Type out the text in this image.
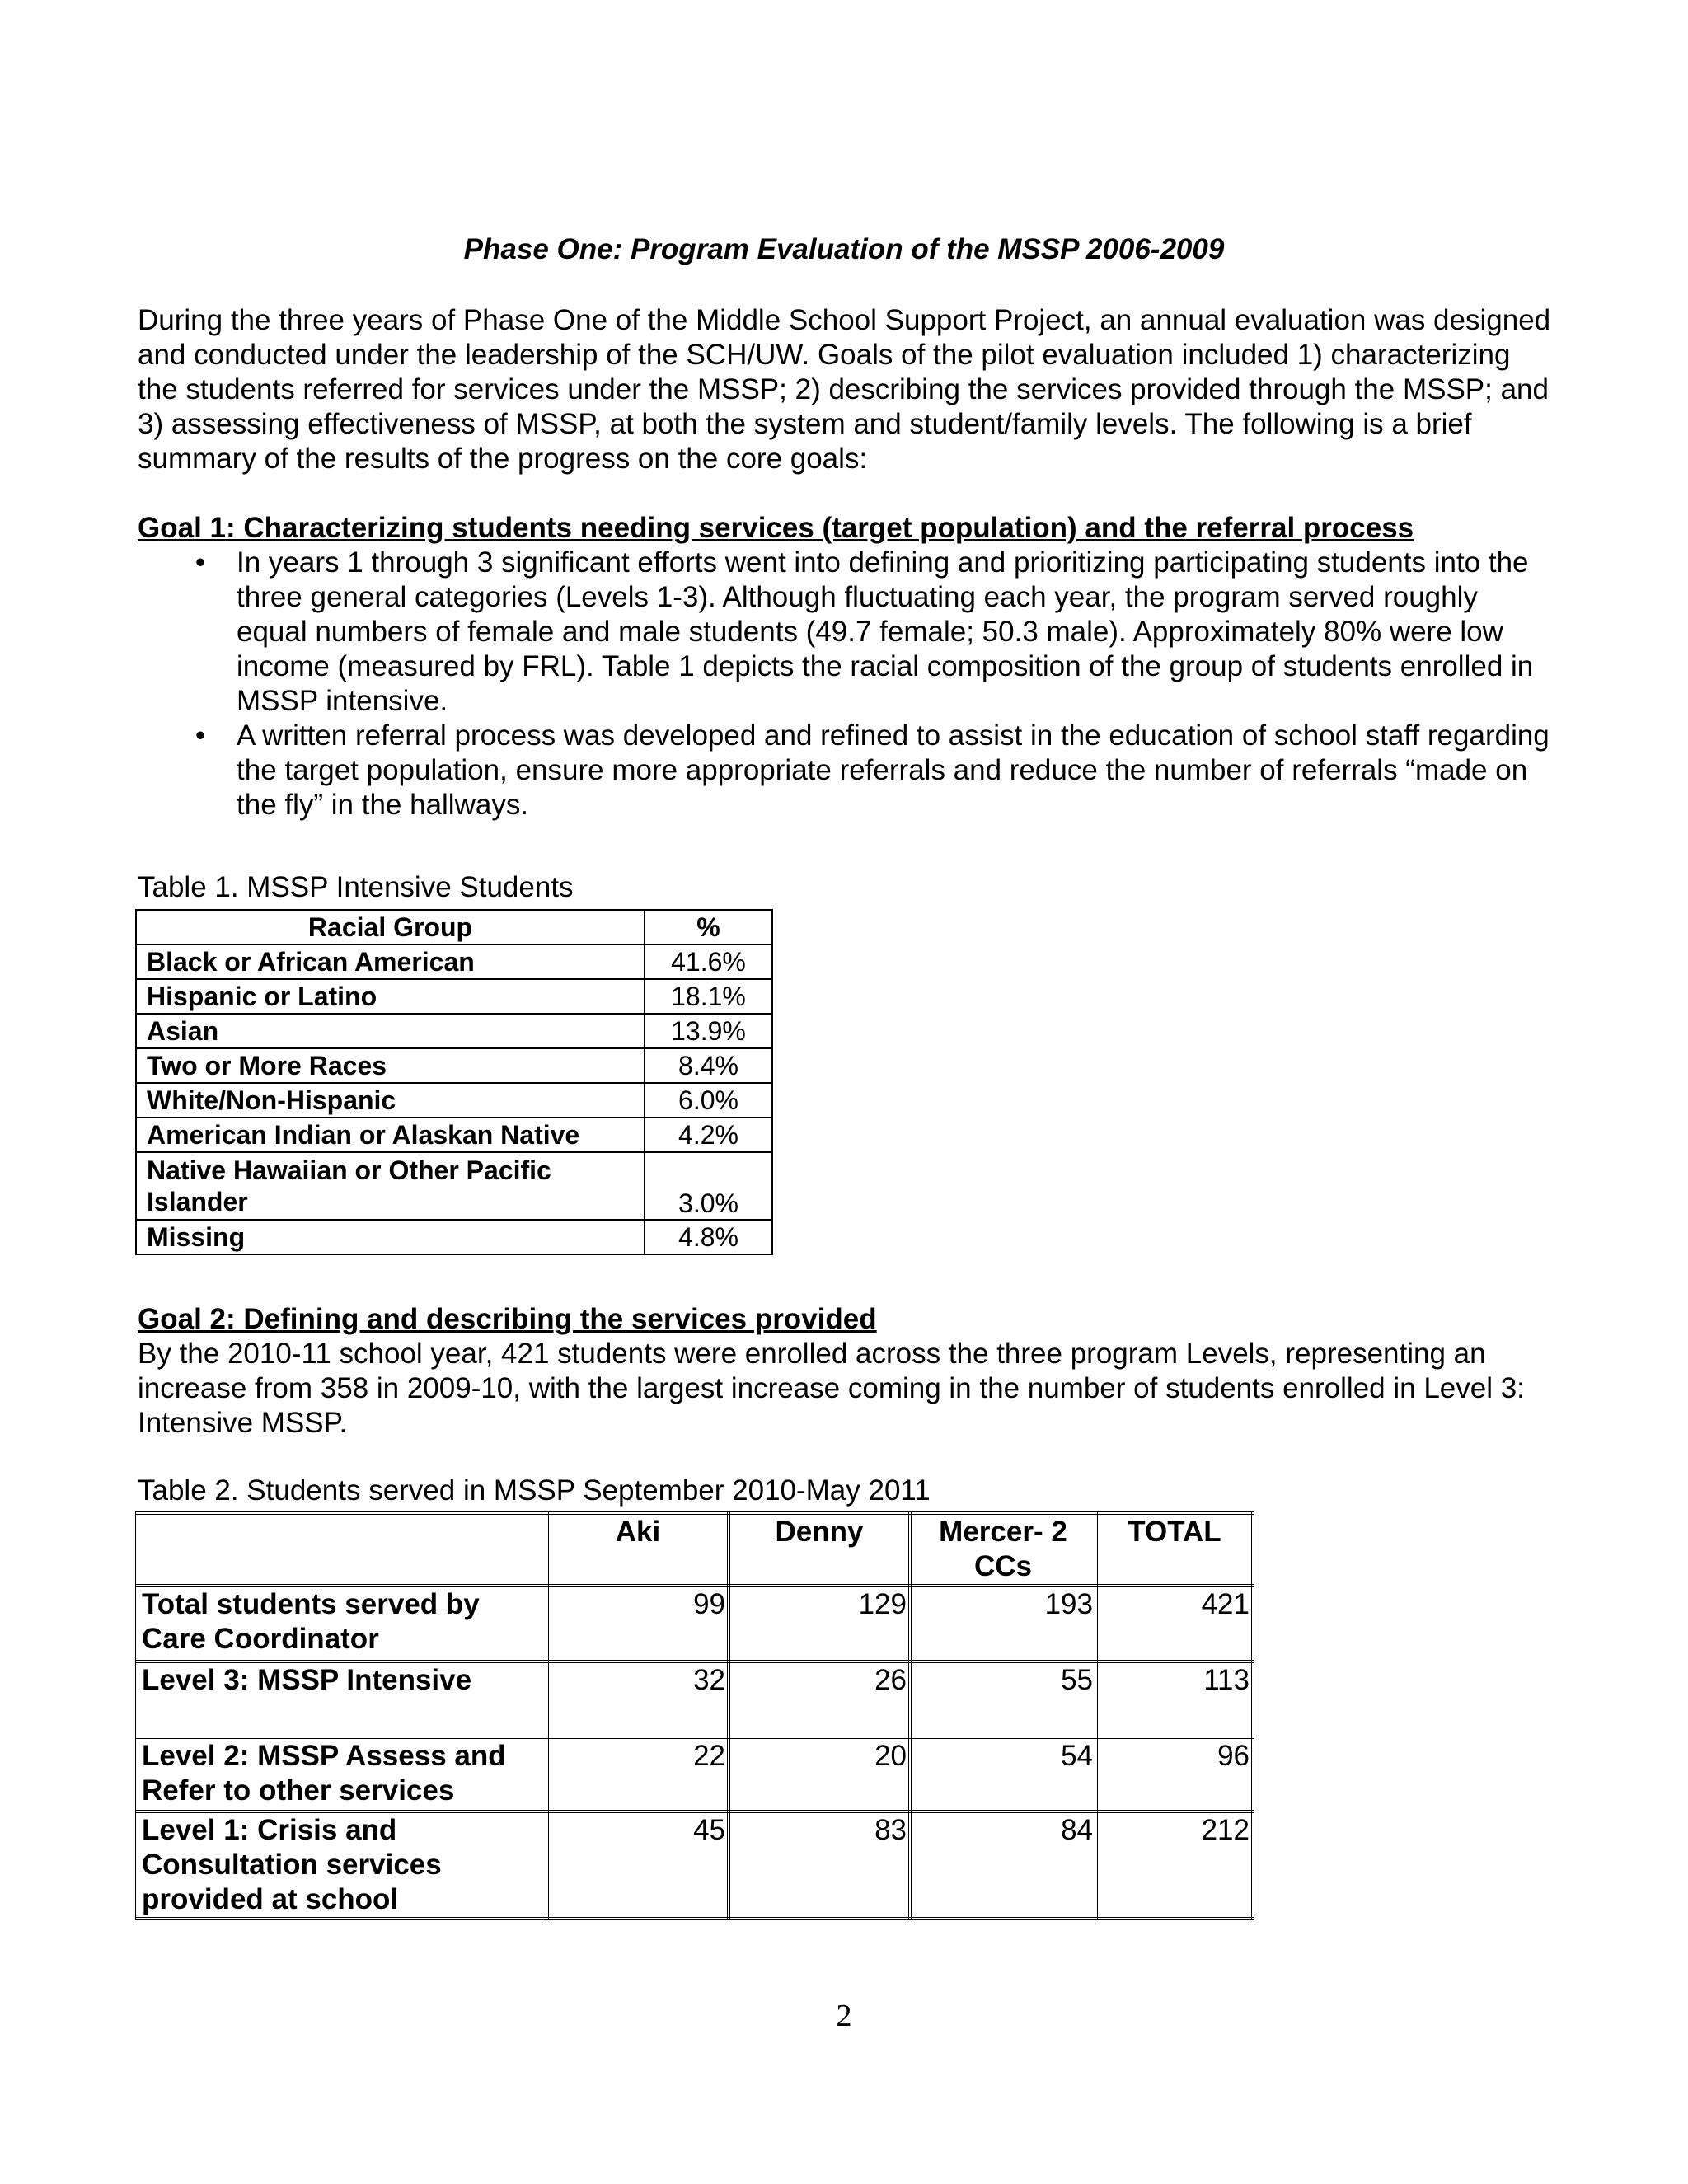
Phase One: Program Evaluation of the MSSP 2006-2009
During the three years of Phase One of the Middle School Support Project, an annual evaluation was designed and conducted under the leadership of the SCH/UW. Goals of the pilot evaluation included 1) characterizing the students referred for services under the MSSP; 2) describing the services provided through the MSSP; and 3) assessing effectiveness of MSSP, at both the system and student/family levels. The following is a brief summary of the results of the progress on the core goals:
Goal 1: Characterizing students needing services (target population) and the referral process
• In years 1 through 3 significant efforts went into defining and prioritizing participating students into the three general categories (Levels 1-3). Although fluctuating each year, the program served roughly equal numbers of female and male students (49.7 female; 50.3 male). Approximately 80% were low income (measured by FRL). Table 1 depicts the racial composition of the group of students enrolled in MSSP intensive.
• A written referral process was developed and refined to assist in the education of school staff regarding the target population, ensure more appropriate referrals and reduce the number of referrals “made on the fly” in the hallways.
Table 1. MSSP Intensive Students
Racial Group	%
Black or African American	41.6%
Hispanic or Latino	18.1%
Asian	13.9%
Two or More Races	8.4%
White/Non-Hispanic	6.0%
American Indian or Alaskan Native	4.2%
Native Hawaiian or Other Pacific Islander	3.0%
Missing	4.8%
Goal 2: Defining and describing the services provided
By the 2010-11 school year, 421 students were enrolled across the three program Levels, representing an increase from 358 in 2009-10, with the largest increase coming in the number of students enrolled in Level 3: Intensive MSSP.
Table 2. Students served in MSSP September 2010-May 2011
	Aki	Denny	Mercer- 2 CCs	TOTAL
Total students served by Care Coordinator	99	129	193	421
Level 3: MSSP Intensive	32	26	55	113
Level 2: MSSP Assess and Refer to other services	22	20	54	96
Level 1: Crisis and Consultation services provided at school	45	83	84	212
2
